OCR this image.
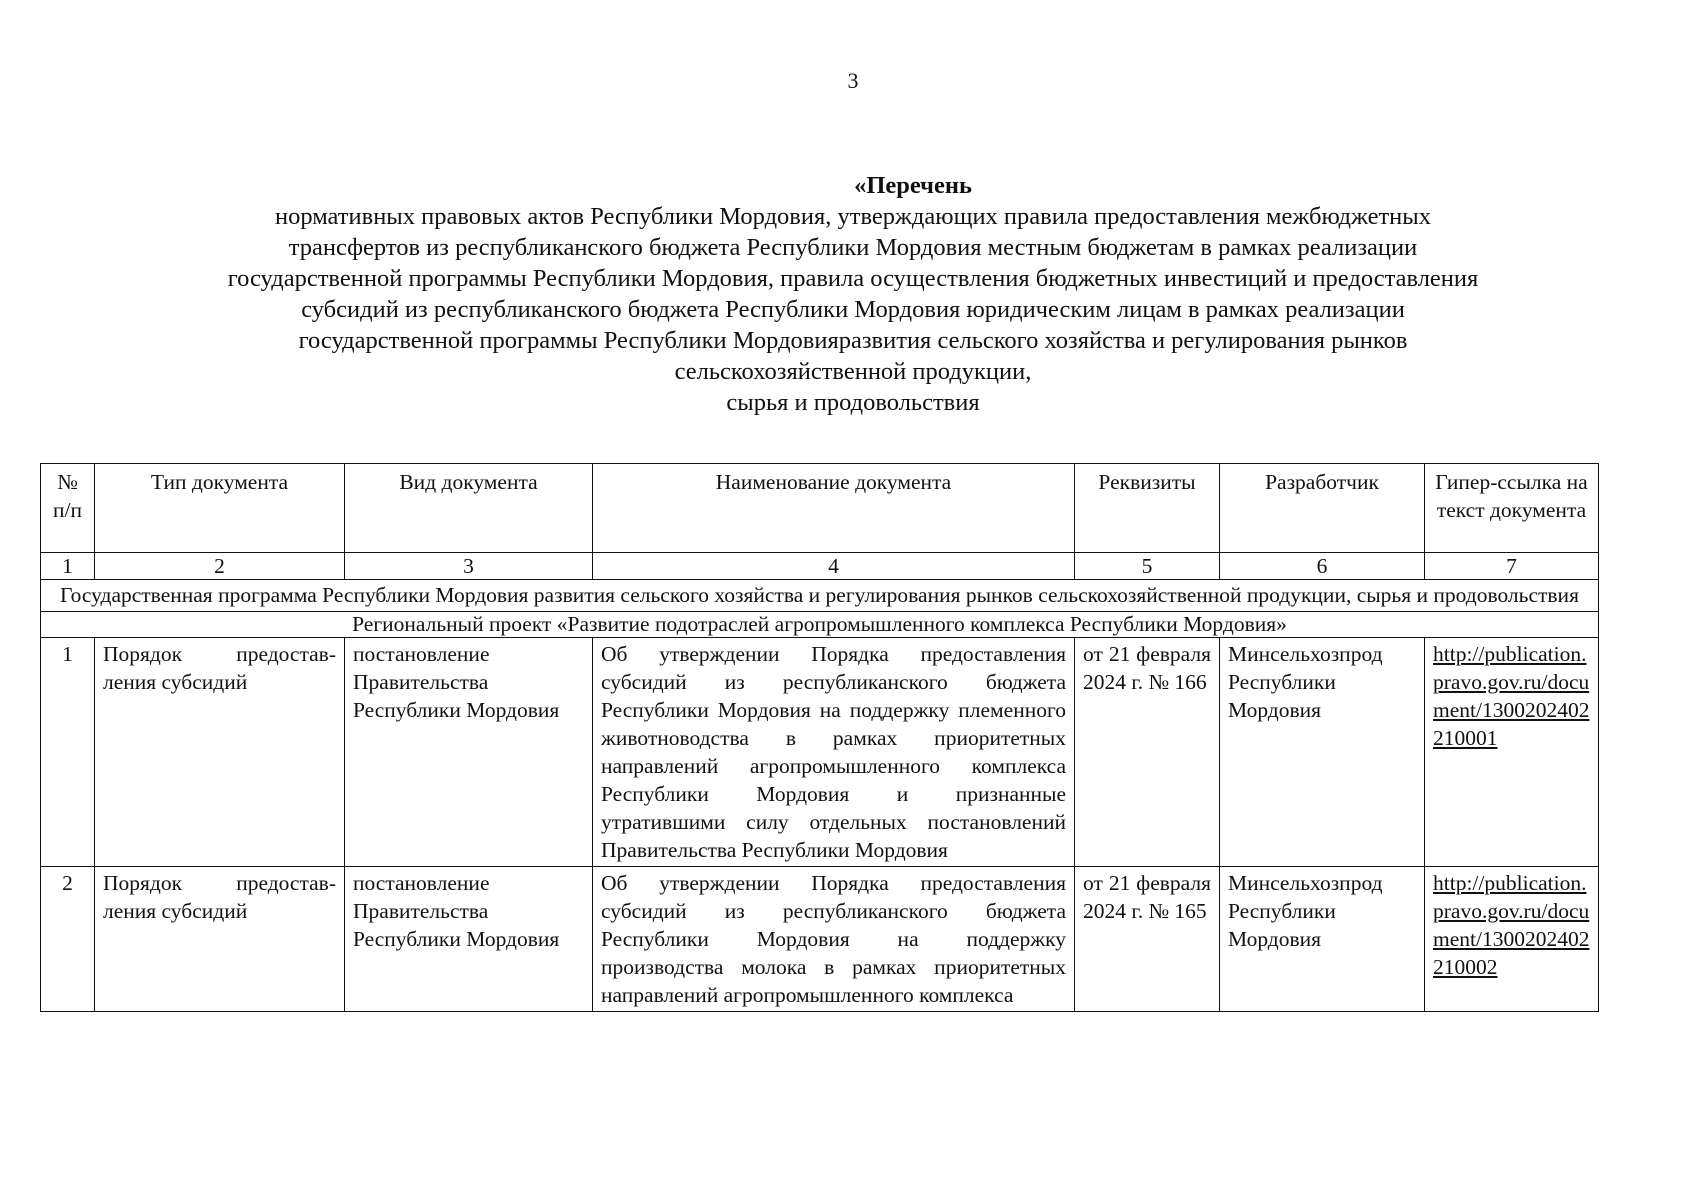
3
«Перечень
нормативных правовых актов Республики Мордовия, утверждающих правила предоставления межбюджетных
трансфертов из республиканского бюджета Республики Мордовия местным бюджетам в рамках реализации
государственной программы Республики Мордовия, правила осуществления бюджетных инвестиций и предоставления
субсидий из республиканского бюджета Республики Мордовия юридическим лицам в рамках реализации
государственной программы Республики Мордовияразвития сельского хозяйства и регулирования рынков
сельскохозяйственной продукции,
сырья и продовольствия
№ п/п	Тип документа	Вид документа	Наименование документа	Реквизиты	Разработчик	Гипер-ссылка на текст документа
1	2	3	4	5	6	7
Государственная программа Республики Мордовия развития сельского хозяйства и регулирования рынков сельскохозяйственной продукции, сырья и продовольствия						
Региональный проект «Развитие подотраслей агропромышленного комплекса Республики Мордовия»						
1	Порядок предостав-ления субсидий	постановление Правительства Республики Мордовия	Об утверждении Порядка предоставления субсидий из республиканского бюджета Республики Мордовия на поддержку племенного животноводства в рамках приоритетных направлений агропромышленного комплекса Республики Мордовия и признанные утратившими силу отдельных постановлений Правительства Республики Мордовия	от 21 февраля 2024 г. № 166	Минсельхозпрод Республики Мордовия	http://publication.pravo.gov.ru/document/1300202402210001
2	Порядок предостав-ления субсидий	постановление Правительства Республики Мордовия	Об утверждении Порядка предоставления субсидий из республиканского бюджета Республики Мордовия на поддержку производства молока в рамках приоритетных направлений агропромышленного комплекса	от 21 февраля 2024 г. № 165	Минсельхозпрод Республики Мордовия	http://publication.pravo.gov.ru/document/1300202402210002
